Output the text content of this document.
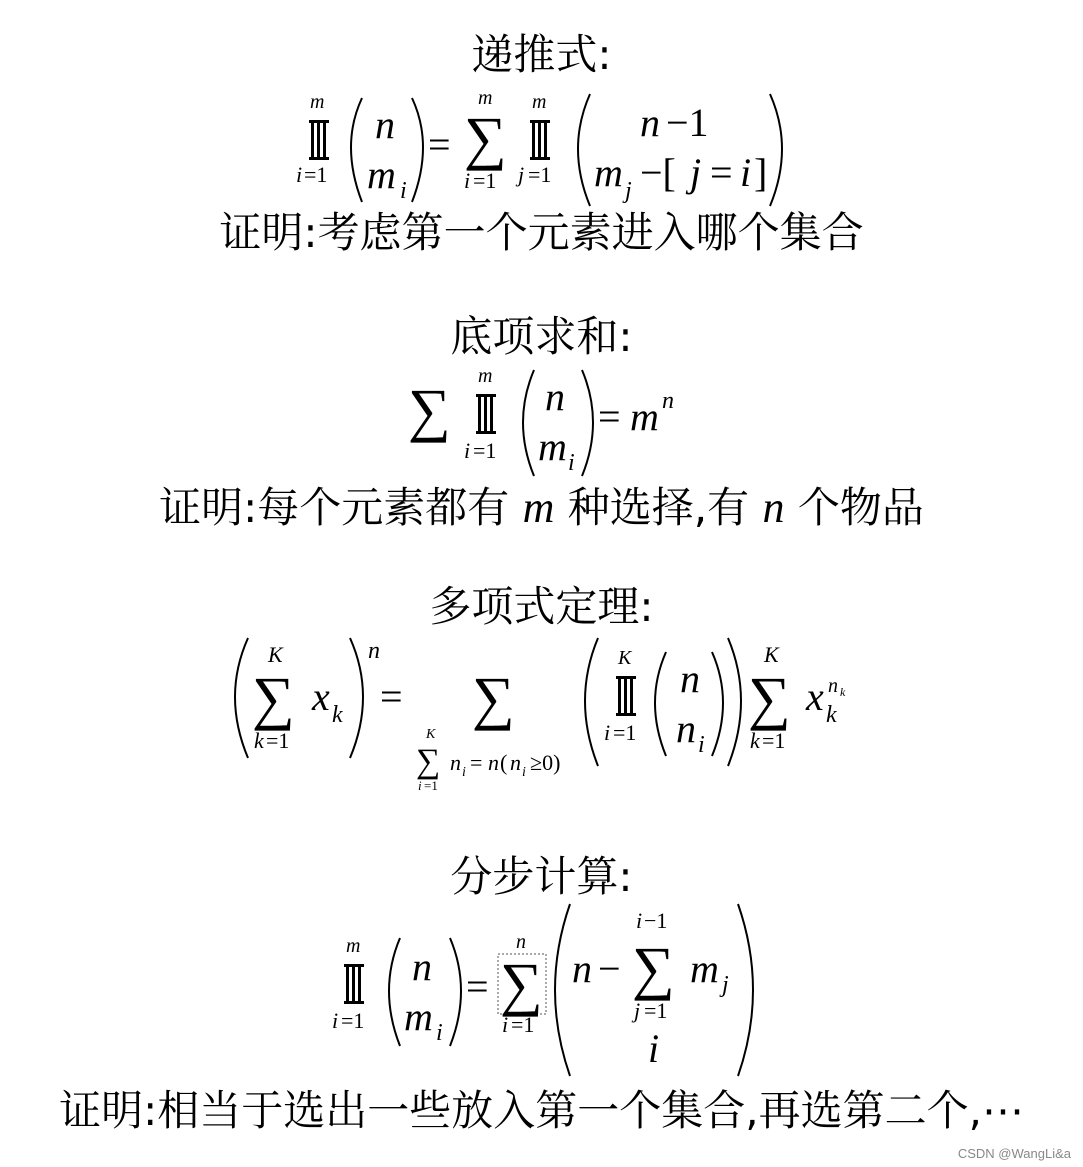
递推式:
m
i =1
n
m i
=
m
∑
i =1
m
j =1
n −1
m j −[ j = i ]
证明:考虑第一个元素进入哪个集合
底项求和:
∑
m
i =1
n
m i
= m n
证明:每个元素都有 m 种选择,有 n 个物品
多项式定理:
K
∑
k =1
x k
n
= ∑
K
∑
i =1
n i = n ( n i ≥0)
K
i =1
n
n i
K
∑
k =1
x k
n k
分步计算:
m
i =1
n
m i
=
n
∑
i =1
n −
i −1
∑
j =1
m j
i
证明:相当于选出一些放入第一个集合,再选第二个,⋯
CSDN @WangLi&a
